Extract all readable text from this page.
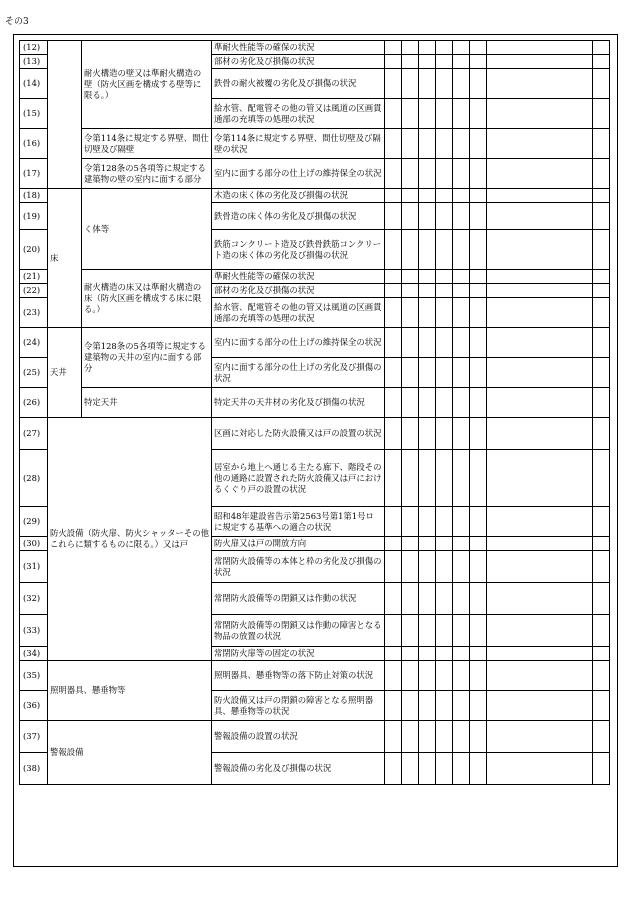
その3
(12)		耐火構造の壁又は準耐火構造の壁（防火区画を構成する壁等に限る。）	準耐火性能等の確保の状況								
(13)			部材の劣化及び損傷の状況								
(14)			鉄骨の耐火被覆の劣化及び損傷の状況								
(15)			給水管、配電管その他の管又は風道の区画貫通部の充填等の処理の状況								
(16)		令第114条に規定する界壁、間仕切壁及び隔壁	令第114条に規定する界壁、間仕切壁及び隔壁の状況								
(17)		令第128条の5各項等に規定する建築物の壁の室内に面する部分	室内に面する部分の仕上げの維持保全の状況								
(18)	床	く体等	木造の床く体の劣化及び損傷の状況								
(19)			鉄骨造の床く体の劣化及び損傷の状況								
(20)			鉄筋コンクリート造及び鉄骨鉄筋コンクリート造の床く体の劣化及び損傷の状況								
(21)		耐火構造の床又は準耐火構造の床（防火区画を構成する床に限る。）	準耐火性能等の確保の状況								
(22)			部材の劣化及び損傷の状況								
(23)			給水管、配電管その他の管又は風道の区画貫通部の充填等の処理の状況								
(24)	天井	令第128条の5各項等に規定する建築物の天井の室内に面する部分	室内に面する部分の仕上げの維持保全の状況								
(25)			室内に面する部分の仕上げの劣化及び損傷の状況								
(26)		特定天井	特定天井の天井材の劣化及び損傷の状況								
(27)	防火設備（防火扉、防火シャッターその他これらに類するものに限る。）又は戸		区画に対応した防火設備又は戸の設置の状況								
(28)			居室から地上へ通じる主たる廊下、階段その他の通路に設置された防火設備又は戸におけるくぐり戸の設置の状況								
(29)			昭和48年建設省告示第2563号第1第1号ロに規定する基準への適合の状況								
(30)			防火扉又は戸の開放方向								
(31)			常閉防火設備等の本体と枠の劣化及び損傷の状況								
(32)			常閉防火設備等の閉鎖又は作動の状況								
(33)			常閉防火設備等の閉鎖又は作動の障害となる物品の放置の状況								
(34)			常閉防火扉等の固定の状況								
(35)	照明器具、懸垂物等		照明器具、懸垂物等の落下防止対策の状況								
(36)			防火設備又は戸の閉鎖の障害となる照明器具、懸垂物等の状況								
(37)	警報設備		警報設備の設置の状況								
(38)			警報設備の劣化及び損傷の状況								
